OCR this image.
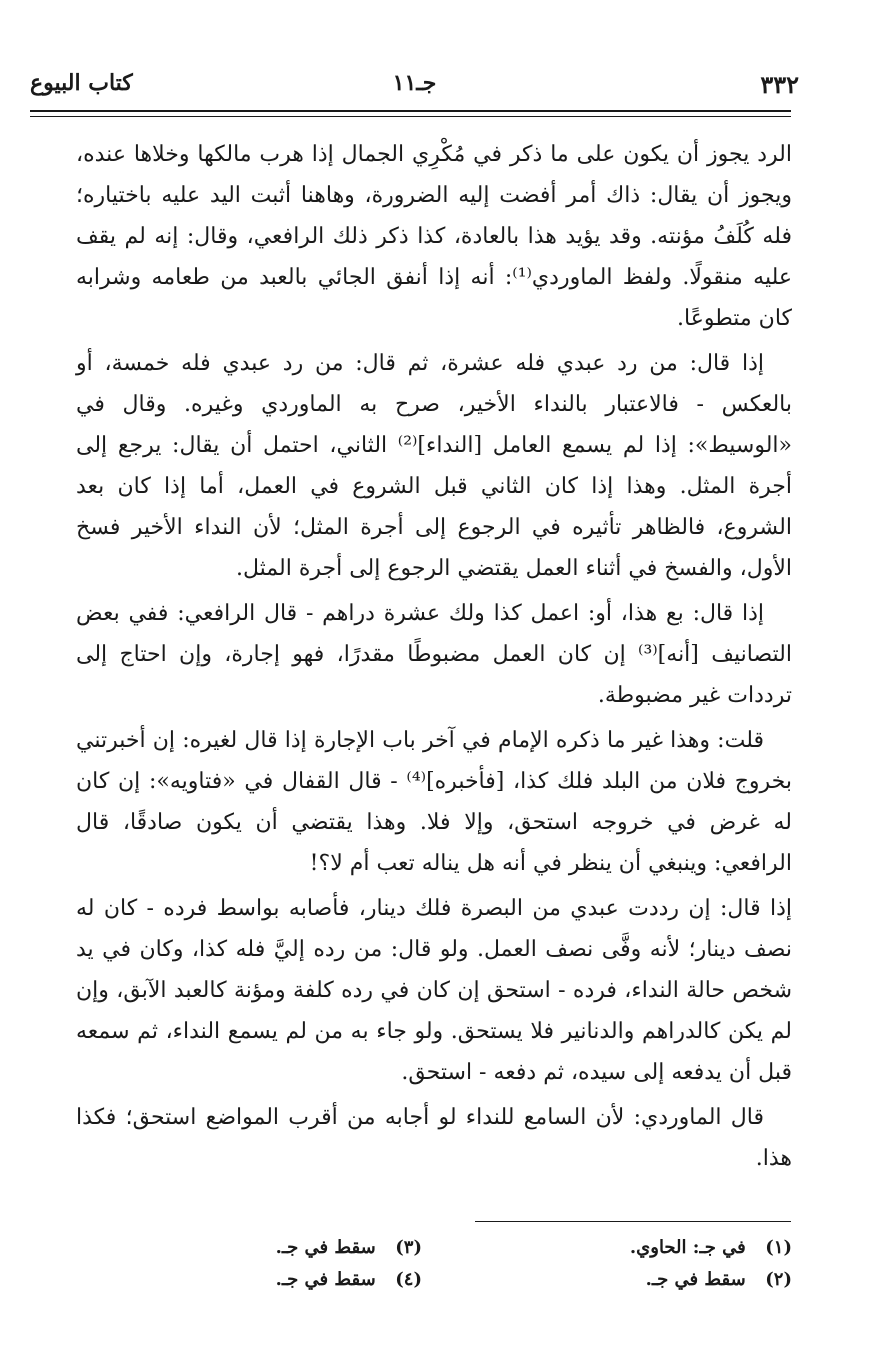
٣٣٢
جـ١١
كتاب البيوع

الرد يجوز أن يكون على ما ذكر في مُكْرِي الجمال إذا هرب مالكها وخلاها عنده، ويجوز أن يقال: ذاك أمر أفضت إليه الضرورة، وهاهنا أثبت اليد عليه باختياره؛ فله كُلَفُ مؤنته. وقد يؤيد هذا بالعادة، كذا ذكر ذلك الرافعي، وقال: إنه لم يقف عليه منقولًا. ولفظ الماوردي⁽¹⁾: أنه إذا أنفق الجائي بالعبد من طعامه وشرابه كان متطوعًا.

إذا قال: من رد عبدي فله عشرة، ثم قال: من رد عبدي فله خمسة، أو بالعكس - فالاعتبار بالنداء الأخير، صرح به الماوردي وغيره. وقال في «الوسيط»: إذا لم يسمع العامل [النداء]⁽²⁾ الثاني، احتمل أن يقال: يرجع إلى أجرة المثل. وهذا إذا كان الثاني قبل الشروع في العمل، أما إذا كان بعد الشروع، فالظاهر تأثيره في الرجوع إلى أجرة المثل؛ لأن النداء الأخير فسخ الأول، والفسخ في أثناء العمل يقتضي الرجوع إلى أجرة المثل.

إذا قال: بع هذا، أو: اعمل كذا ولك عشرة دراهم - قال الرافعي: ففي بعض التصانيف [أنه]⁽³⁾ إن كان العمل مضبوطًا مقدرًا، فهو إجارة، وإن احتاج إلى ترددات غير مضبوطة.

قلت: وهذا غير ما ذكره الإمام في آخر باب الإجارة إذا قال لغيره: إن أخبرتني بخروج فلان من البلد فلك كذا، [فأخبره]⁽⁴⁾ - قال القفال في «فتاويه»: إن كان له غرض في خروجه استحق، وإلا فلا. وهذا يقتضي أن يكون صادقًا، قال الرافعي: وينبغي أن ينظر في أنه هل يناله تعب أم لا؟!

إذا قال: إن رددت عبدي من البصرة فلك دينار، فأصابه بواسط فرده - كان له نصف دينار؛ لأنه وفَّى نصف العمل. ولو قال: من رده إليَّ فله كذا، وكان في يد شخص حالة النداء، فرده - استحق إن كان في رده كلفة ومؤنة كالعبد الآبق، وإن لم يكن كالدراهم والدنانير فلا يستحق. ولو جاء به من لم يسمع النداء، ثم سمعه قبل أن يدفعه إلى سيده، ثم دفعه - استحق.

قال الماوردي: لأن السامع للنداء لو أجابه من أقرب المواضع استحق؛ فكذا هذا.

(١) في جـ: الحاوي.
(٢) سقط في جـ.
(٣) سقط في جـ.
(٤) سقط في جـ.
